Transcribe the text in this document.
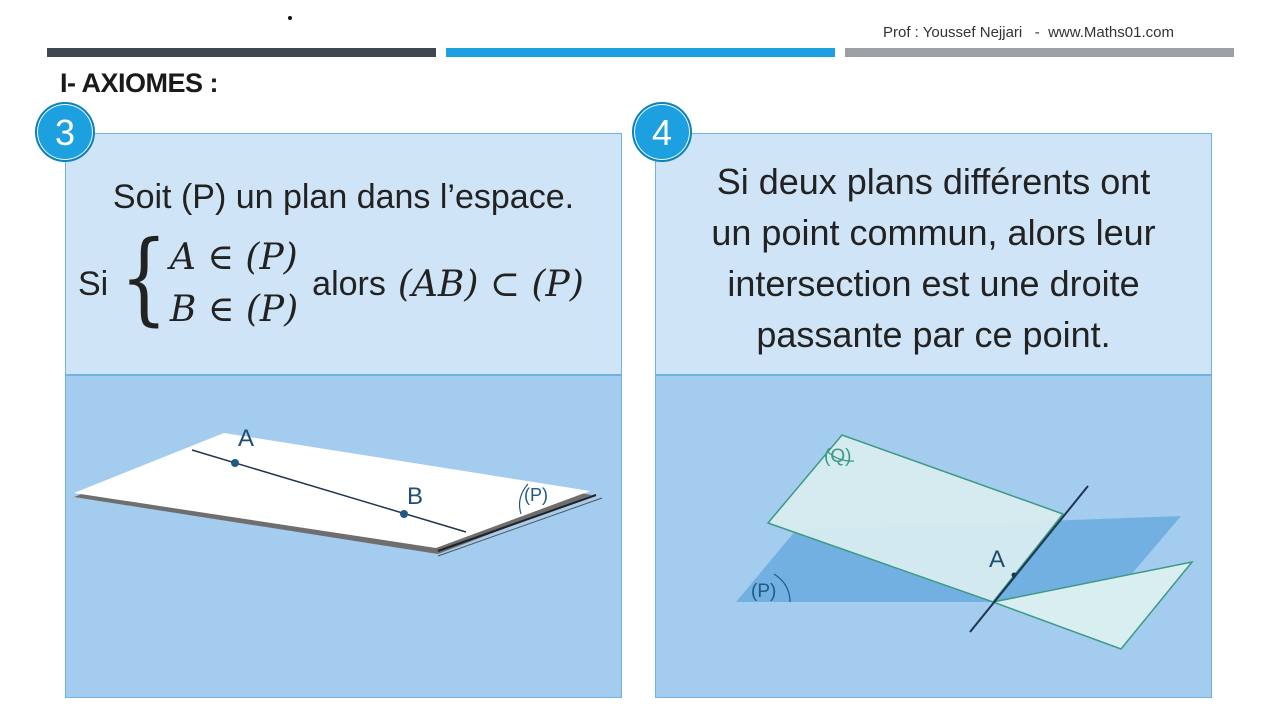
Prof : Youssef Nejjari   -  www.Maths01.com
I- AXIOMES :
Soit (P) un plan dans l’espace.
Si { A ∈ (P)
B ∈ (P)
alors (AB) ⊂ (P)
A
B	(P)
3
Si deux plans différents ont
un point commun, alors leur
intersection est une droite
passante par ce point.
(Q)
(P)
A
4
